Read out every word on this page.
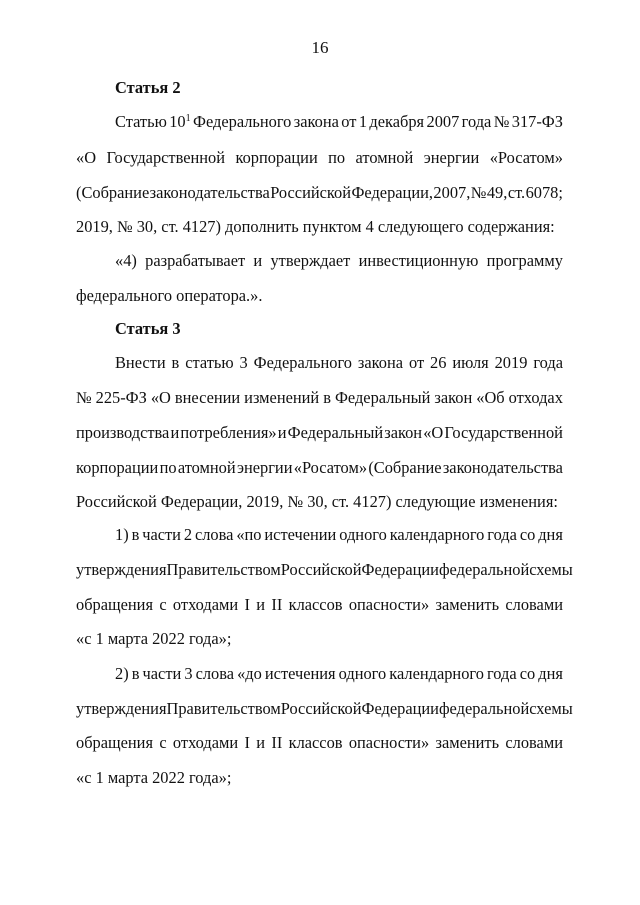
16
Статья 2
Статью $10^1$ Федерального закона от 1 декабря 2007 года № 317-ФЗ
«О Государственной корпорации по атомной энергии «Росатом»
(Собрание законодательства Российской Федерации, 2007, № 49, ст. 6078;
2019, № 30, ст. 4127) дополнить пунктом 4 следующего содержания:
«4) разрабатывает и утверждает инвестиционную программу
федерального оператора.».
Статья 3
Внести в статью 3 Федерального закона от 26 июля 2019 года
№ 225-ФЗ «О внесении изменений в Федеральный закон «Об отходах
производства и потребления» и Федеральный закон «О Государственной
корпорации по атомной энергии «Росатом» (Собрание законодательства
Российской Федерации, 2019, № 30, ст. 4127) следующие изменения:
1) в части 2 слова «по истечении одного календарного года со дня
утверждения Правительством Российской Федерации федеральной схемы
обращения с отходами I и II классов опасности» заменить словами
«с 1 марта 2022 года»;
2) в части 3 слова «до истечения одного календарного года со дня
утверждения Правительством Российской Федерации федеральной схемы
обращения с отходами I и II классов опасности» заменить словами
«с 1 марта 2022 года»;
